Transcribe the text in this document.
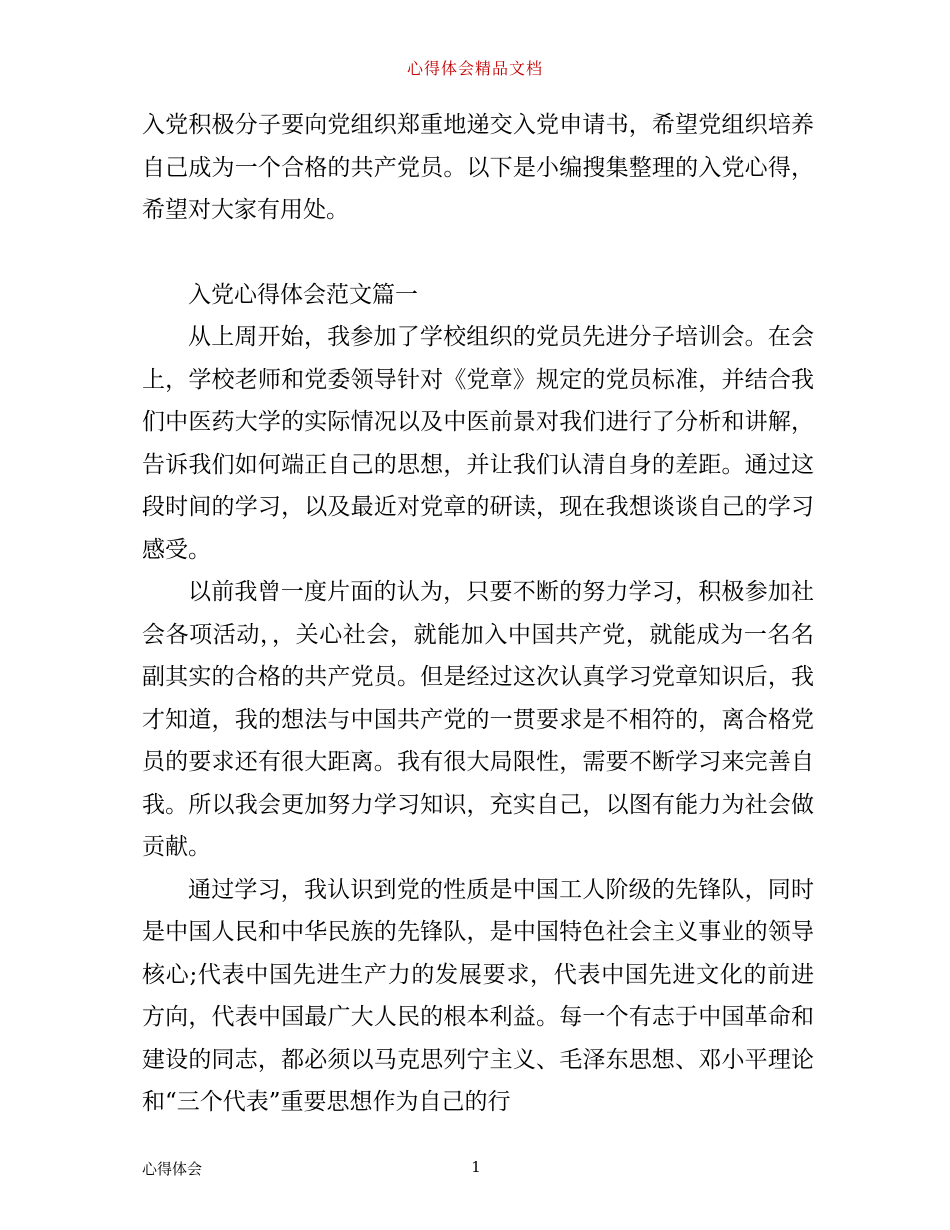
心得体会精品文档

入党积极分子要向党组织郑重地递交入党申请书，希望党组织培养自己成为一个合格的共产党员。以下是小编搜集整理的入党心得，希望对大家有用处。

入党心得体会范文篇一

从上周开始，我参加了学校组织的党员先进分子培训会。在会上，学校老师和党委领导针对《党章》规定的党员标准，并结合我们中医药大学的实际情况以及中医前景对我们进行了分析和讲解，告诉我们如何端正自己的思想，并让我们认清自身的差距。通过这段时间的学习，以及最近对党章的研读，现在我想谈谈自己的学习感受。

以前我曾一度片面的认为，只要不断的努力学习，积极参加社会各项活动，，关心社会，就能加入中国共产党，就能成为一名名副其实的合格的共产党员。但是经过这次认真学习党章知识后，我才知道，我的想法与中国共产党的一贯要求是不相符的，离合格党员的要求还有很大距离。我有很大局限性，需要不断学习来完善自我。所以我会更加努力学习知识，充实自己，以图有能力为社会做贡献。

通过学习，我认识到党的性质是中国工人阶级的先锋队，同时是中国人民和中华民族的先锋队，是中国特色社会主义事业的领导核心;代表中国先进生产力的发展要求，代表中国先进文化的前进方向，代表中国最广大人民的根本利益。每一个有志于中国革命和建设的同志，都必须以马克思列宁主义、毛泽东思想、邓小平理论和“三个代表”重要思想作为自己的行

心得体会	1
